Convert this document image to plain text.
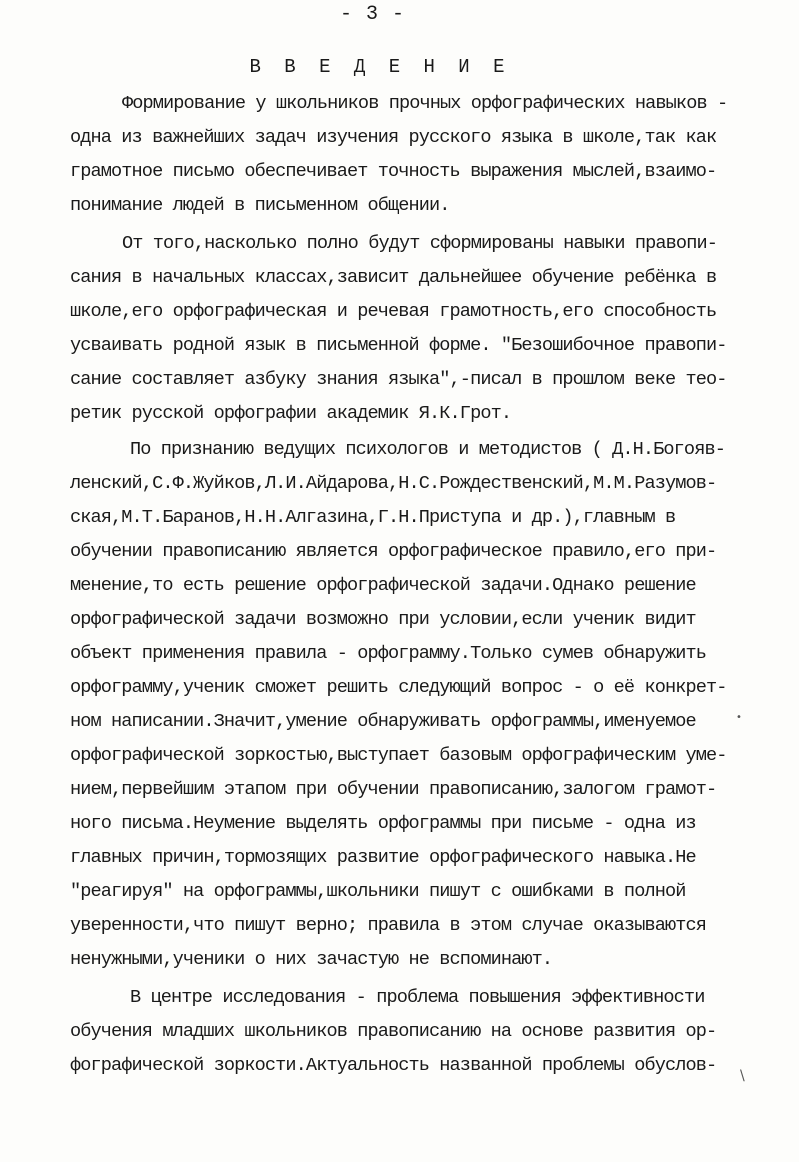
- 3 -
В В Е Д Е Н И Е
Формирование у школьников прочных орфографических навыков -
одна из важнейших задач изучения русского языка в школе,так как
грамотное письмо обеспечивает точность выражения мыслей,взаимо-
понимание людей в письменном общении.
От того,насколько полно будут сформированы навыки правопи-
сания в начальных классах,зависит дальнейшее обучение ребёнка в
школе,его орфографическая и речевая грамотность,его способность
усваивать родной язык в письменной форме. "Безошибочное правопи-
сание составляет азбуку знания языка",-писал в прошлом веке тео-
ретик русской орфографии академик Я.К.Грот.
По признанию ведущих психологов и методистов ( Д.Н.Богояв-
ленский,С.Ф.Жуйков,Л.И.Айдарова,Н.С.Рождественский,М.М.Разумов-
ская,М.Т.Баранов,Н.Н.Алгазина,Г.Н.Приступа и др.),главным в
обучении правописанию является орфографическое правило,его при-
менение,то есть решение орфографической задачи.Однако решение
орфографической задачи возможно при условии,если ученик видит
объект применения правила - орфограмму.Только сумев обнаружить
орфограмму,ученик сможет решить следующий вопрос - о её конкрет-
ном написании.Значит,умение обнаруживать орфограммы,именуемое
орфографической зоркостью,выступает базовым орфографическим уме-
нием,первейшим этапом при обучении правописанию,залогом грамот-
ного письма.Неумение выделять орфограммы при письме - одна из
главных причин,тормозящих развитие орфографического навыка.Не
"реагируя" на орфограммы,школьники пишут с ошибками в полной
уверенности,что пишут верно; правила в этом случае оказываются
ненужными,ученики о них зачастую не вспоминают.
В центре исследования - проблема повышения эффективности
обучения младших школьников правописанию на основе развития ор-
фографической зоркости.Актуальность названной проблемы обуслов-
•
\
